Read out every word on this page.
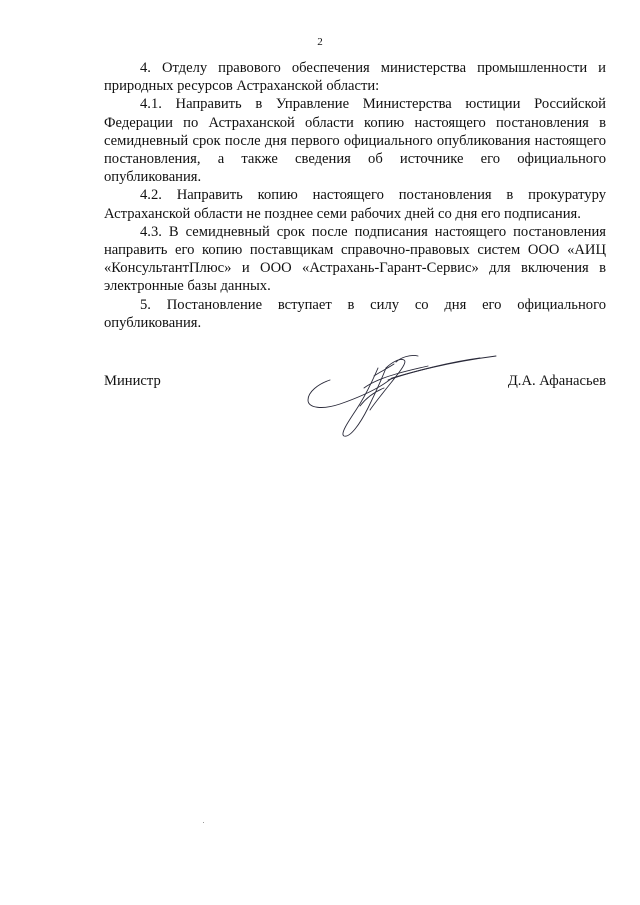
2

4. Отделу правового обеспечения министерства промышленности и природных ресурсов Астраханской области:

4.1. Направить в Управление Министерства юстиции Российской Федерации по Астраханской области копию настоящего постановления в семидневный срок после дня первого официального опубликования настоящего постановления, а также сведения об источнике его официального опубликования.

4.2. Направить копию настоящего постановления в прокуратуру Астраханской области не позднее семи рабочих дней со дня его подписания.

4.3. В семидневный срок после подписания настоящего постановления направить его копию поставщикам справочно-правовых систем ООО «АИЦ «КонсультантПлюс» и ООО «Астрахань-Гарант-Сервис» для включения в электронные базы данных.

5. Постановление вступает в силу со дня его официального опубликования.

Министр	Д.А. Афанасьев
